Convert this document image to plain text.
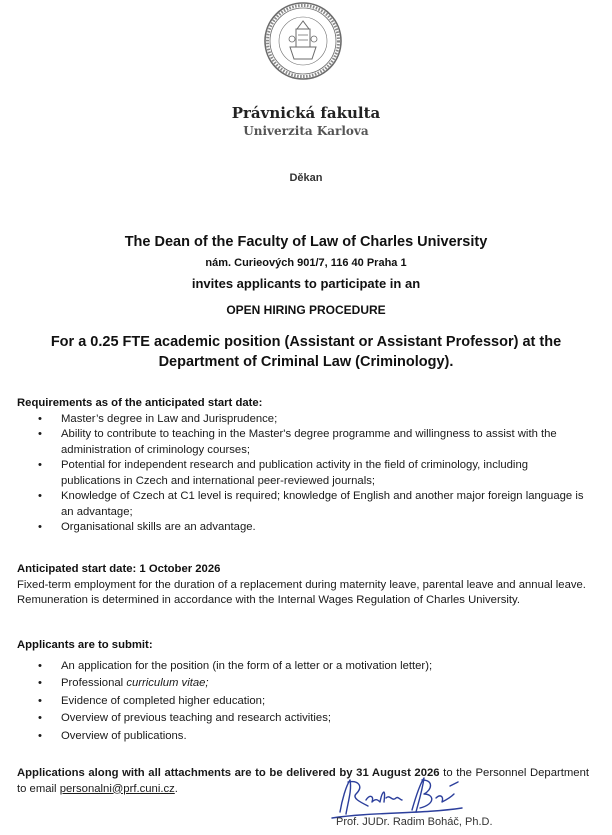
Právnická fakulta
Univerzita Karlova
Děkan
The Dean of the Faculty of Law of Charles University
nám. Curieových 901/7, 116 40 Praha 1
invites applicants to participate in an
OPEN HIRING PROCEDURE
For a 0.25 FTE academic position (Assistant or Assistant Professor) at the Department of Criminal Law (Criminology).
Requirements as of the anticipated start date:
• Master’s degree in Law and Jurisprudence;
• Ability to contribute to teaching in the Master's degree programme and willingness to assist with the administration of criminology courses;
• Potential for independent research and publication activity in the field of criminology, including publications in Czech and international peer-reviewed journals;
• Knowledge of Czech at C1 level is required; knowledge of English and another major foreign language is an advantage;
• Organisational skills are an advantage.
Anticipated start date: 1 October 2026
Fixed-term employment for the duration of a replacement during maternity leave, parental leave and annual leave.
Remuneration is determined in accordance with the Internal Wages Regulation of Charles University.
Applicants are to submit:
• An application for the position (in the form of a letter or a motivation letter);
• Professional curriculum vitae;
• Evidence of completed higher education;
• Overview of previous teaching and research activities;
• Overview of publications.
Applications along with all attachments are to be delivered by 31 August 2026 to the Personnel Department to email personalni@prf.cuni.cz.
Prof. JUDr. Radim Boháč, Ph.D.
